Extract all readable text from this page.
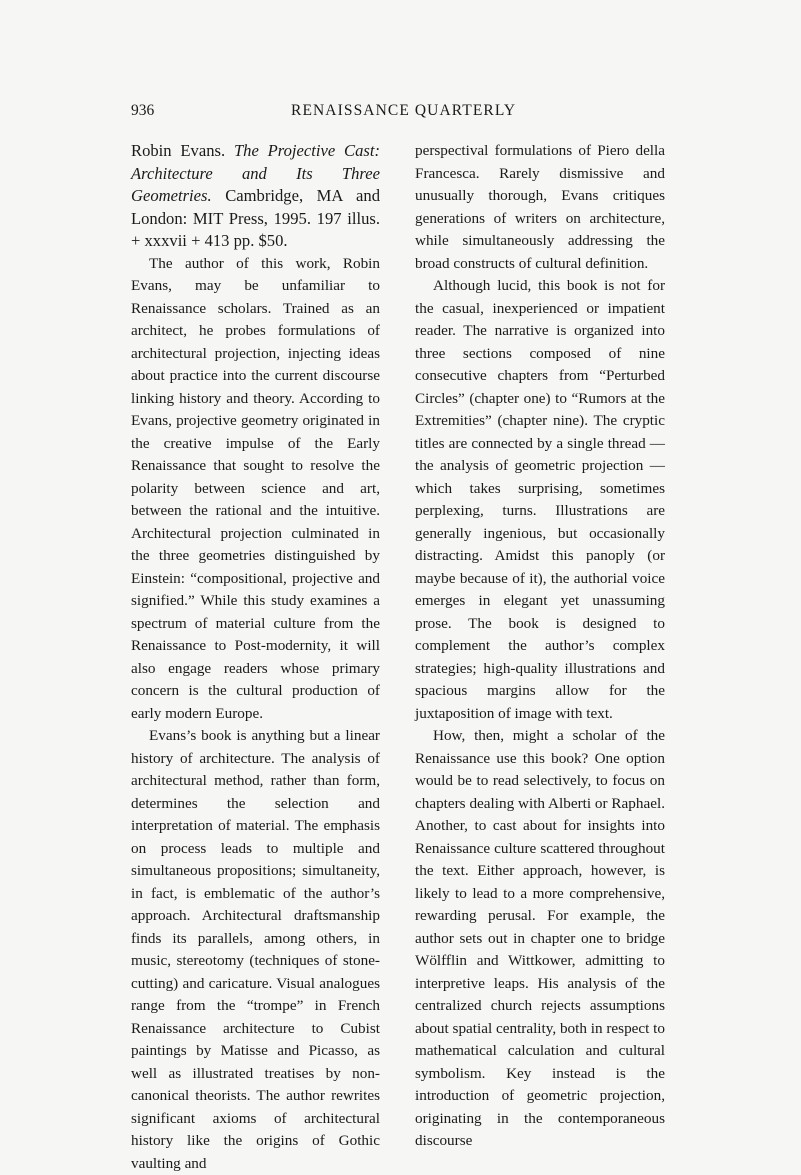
936	RENAISSANCE QUARTERLY

Robin Evans. The Projective Cast: Architecture and Its Three Geometries. Cambridge, MA and London: MIT Press, 1995. 197 illus. + xxxvii + 413 pp. $50.

The author of this work, Robin Evans, may be unfamiliar to Renaissance scholars. Trained as an architect, he probes formulations of architectural projection, injecting ideas about practice into the current discourse linking history and theory. According to Evans, projective geometry originated in the creative impulse of the Early Renaissance that sought to resolve the polarity between science and art, between the rational and the intuitive. Architectural projection culminated in the three geometries distinguished by Einstein: “compositional, projective and signified.” While this study examines a spectrum of material culture from the Renaissance to Post-modernity, it will also engage readers whose primary concern is the cultural production of early modern Europe.

Evans’s book is anything but a linear history of architecture. The analysis of architectural method, rather than form, determines the selection and interpretation of material. The emphasis on process leads to multiple and simultaneous propositions; simultaneity, in fact, is emblematic of the author’s approach. Architectural draftsmanship finds its parallels, among others, in music, stereotomy (techniques of stone-cutting) and caricature. Visual analogues range from the “trompe” in French Renaissance architecture to Cubist paintings by Matisse and Picasso, as well as illustrated treatises by non-canonical theorists. The author rewrites significant axioms of architectural history like the origins of Gothic vaulting and

perspectival formulations of Piero della Francesca. Rarely dismissive and unusually thorough, Evans critiques generations of writers on architecture, while simultaneously addressing the broad constructs of cultural definition.

Although lucid, this book is not for the casual, inexperienced or impatient reader. The narrative is organized into three sections composed of nine consecutive chapters from “Perturbed Circles” (chapter one) to “Rumors at the Extremities” (chapter nine). The cryptic titles are connected by a single thread — the analysis of geometric projection — which takes surprising, sometimes perplexing, turns. Illustrations are generally ingenious, but occasionally distracting. Amidst this panoply (or maybe because of it), the authorial voice emerges in elegant yet unassuming prose. The book is designed to complement the author’s complex strategies; high-quality illustrations and spacious margins allow for the juxtaposition of image with text.

How, then, might a scholar of the Renaissance use this book? One option would be to read selectively, to focus on chapters dealing with Alberti or Raphael. Another, to cast about for insights into Renaissance culture scattered throughout the text. Either approach, however, is likely to lead to a more comprehensive, rewarding perusal. For example, the author sets out in chapter one to bridge Wölfflin and Wittkower, admitting to interpretive leaps. His analysis of the centralized church rejects assumptions about spatial centrality, both in respect to mathematical calculation and cultural symbolism. Key instead is the introduction of geometric projection, originating in the contemporaneous discourse
